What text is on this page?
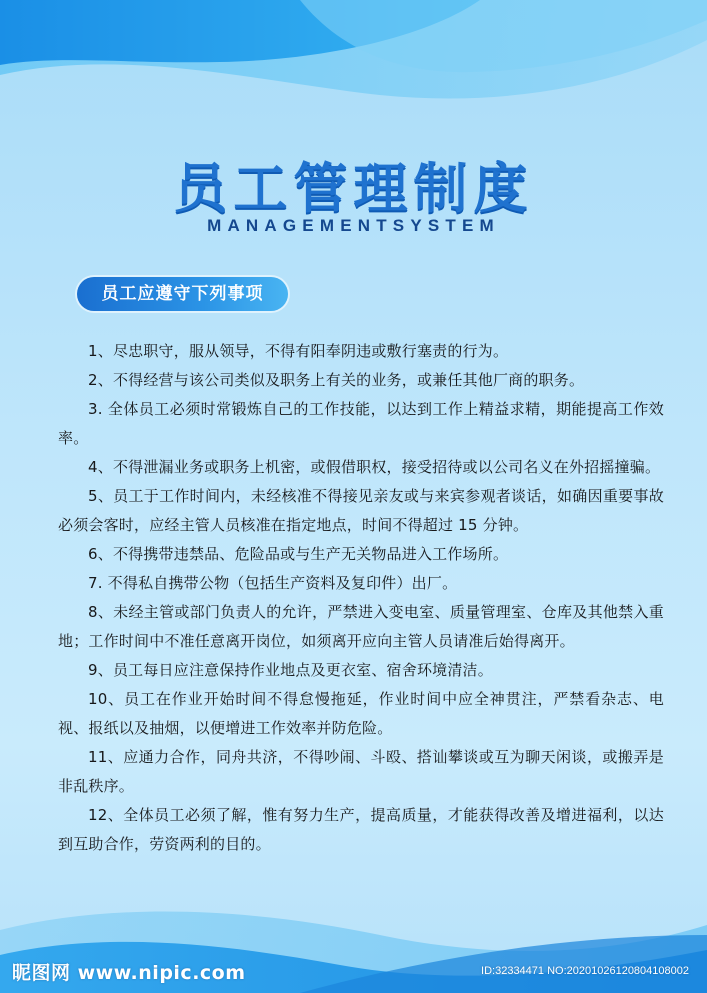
员工管理制度
MANAGEMENTSYSTEM
员工应遵守下列事项
1、尽忠职守，服从领导，不得有阳奉阴违或敷行塞责的行为。
2、不得经营与该公司类似及职务上有关的业务，或兼任其他厂商的职务。
3. 全体员工必须时常锻炼自己的工作技能，以达到工作上精益求精，期能提高工作效率。
4、不得泄漏业务或职务上机密，或假借职权，接受招待或以公司名义在外招摇撞骗。
5、员工于工作时间内，未经核准不得接见亲友或与来宾参观者谈话，如确因重要事故必须会客时，应经主管人员核准在指定地点，时间不得超过 15 分钟。
6、不得携带违禁品、危险品或与生产无关物品进入工作场所。
7. 不得私自携带公物（包括生产资料及复印件）出厂。
8、未经主管或部门负责人的允许，严禁进入变电室、质量管理室、仓库及其他禁入重地；工作时间中不准任意离开岗位，如须离开应向主管人员请准后始得离开。
9、员工每日应注意保持作业地点及更衣室、宿舍环境清洁。
10、员工在作业开始时间不得怠慢拖延，作业时间中应全神贯注，严禁看杂志、电视、报纸以及抽烟，以便增进工作效率并防危险。
11、应通力合作，同舟共济，不得吵闹、斗殴、搭讪攀谈或互为聊天闲谈，或搬弄是非乱秩序。
12、全体员工必须了解，惟有努力生产，提高质量，才能获得改善及增进福利，以达到互助合作，劳资两利的目的。
昵图网 www.nipic.com	ID:32334471 NO:20201026120804108002
